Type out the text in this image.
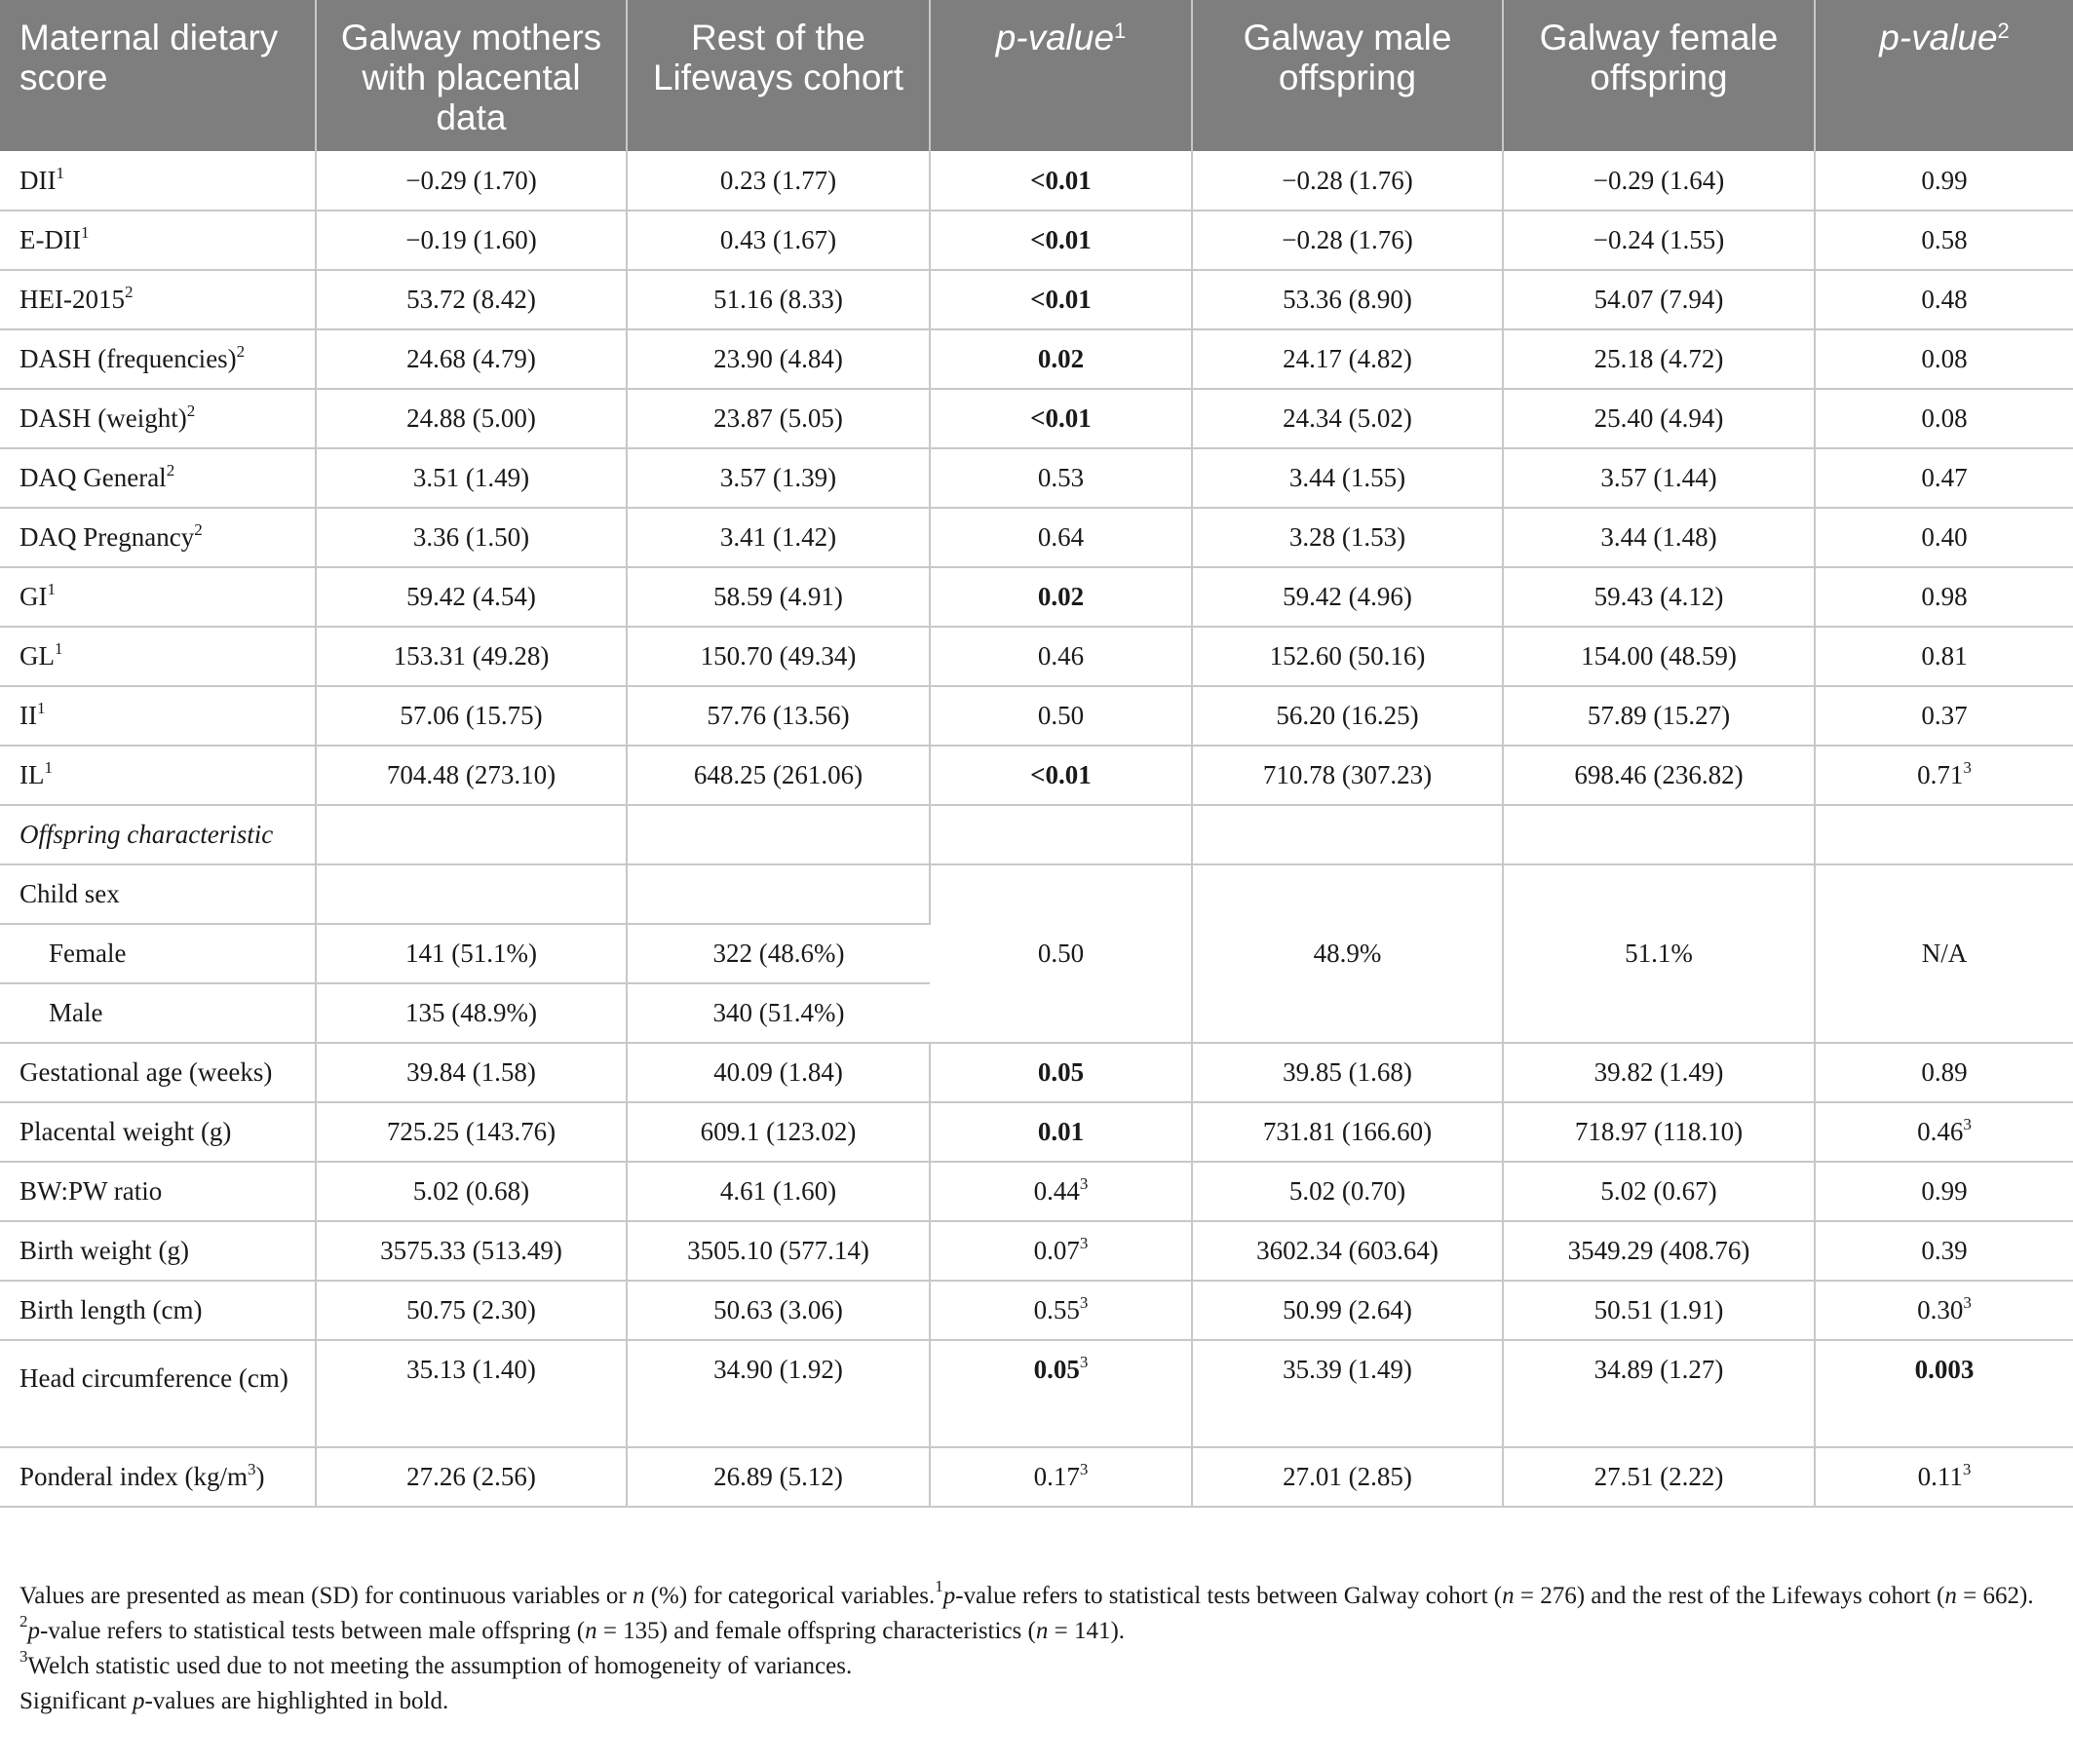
Maternal dietary score	Galway mothers with placental data	Rest of the Lifeways cohort	p-value$^1$	Galway male offspring	Galway female offspring	p-value$^2$
$DII^1$	−0.29 (1.70)	0.23 (1.77)	<0.01	−0.28 (1.76)	−0.29 (1.64)	0.99
$E-DII^1$	−0.19 (1.60)	0.43 (1.67)	<0.01	−0.28 (1.76)	−0.24 (1.55)	0.58
HEI-2015$^2$	53.72 (8.42)	51.16 (8.33)	<0.01	53.36 (8.90)	54.07 (7.94)	0.48
DASH (frequencies)$^2$	24.68 (4.79)	23.90 (4.84)	0.02	24.17 (4.82)	25.18 (4.72)	0.08
DASH (weight)$^2$	24.88 (5.00)	23.87 (5.05)	<0.01	24.34 (5.02)	25.40 (4.94)	0.08
DAQ General$^2$	3.51 (1.49)	3.57 (1.39)	0.53	3.44 (1.55)	3.57 (1.44)	0.47
DAQ Pregnancy$^2$	3.36 (1.50)	3.41 (1.42)	0.64	3.28 (1.53)	3.44 (1.48)	0.40
$GI^1$	59.42 (4.54)	58.59 (4.91)	0.02	59.42 (4.96)	59.43 (4.12)	0.98
$GL^1$	153.31 (49.28)	150.70 (49.34)	0.46	152.60 (50.16)	154.00 (48.59)	0.81
$II^1$	57.06 (15.75)	57.76 (13.56)	0.50	56.20 (16.25)	57.89 (15.27)	0.37
$IL^1$	704.48 (273.10)	648.25 (261.06)	<0.01	710.78 (307.23)	698.46 (236.82)	0.71$^3$
Offspring characteristic						
Child sex			0.50	48.9%	51.1%	N/A
Female	141 (51.1%)	322 (48.6%)				
Male	135 (48.9%)	340 (51.4%)				
Gestational age (weeks)	39.84 (1.58)	40.09 (1.84)	0.05	39.85 (1.68)	39.82 (1.49)	0.89
Placental weight (g)	725.25 (143.76)	609.1 (123.02)	0.01	731.81 (166.60)	718.97 (118.10)	0.46$^3$
BW:PW ratio	5.02 (0.68)	4.61 (1.60)	0.44$^3$	5.02 (0.70)	5.02 (0.67)	0.99
Birth weight (g)	3575.33 (513.49)	3505.10 (577.14)	0.07$^3$	3602.34 (603.64)	3549.29 (408.76)	0.39
Birth length (cm)	50.75 (2.30)	50.63 (3.06)	0.55$^3$	50.99 (2.64)	50.51 (1.91)	0.30$^3$
Head circumference (cm)	35.13 (1.40)	34.90 (1.92)	0.05$^3$	35.39 (1.49)	34.89 (1.27)	0.003
Ponderal index $(kg/m^3)$	27.26 (2.56)	26.89 (5.12)	0.17$^3$	27.01 (2.85)	27.51 (2.22)	0.11$^3$

Values are presented as mean (SD) for continuous variables or n (%) for categorical variables.$^1$p-value refers to statistical tests between Galway cohort (n = 276) and the rest of the Lifeways cohort (n = 662).

$^2$p-value refers to statistical tests between male offspring (n = 135) and female offspring characteristics (n = 141).

$^3$Welch statistic used due to not meeting the assumption of homogeneity of variances.

Significant p-values are highlighted in bold.
